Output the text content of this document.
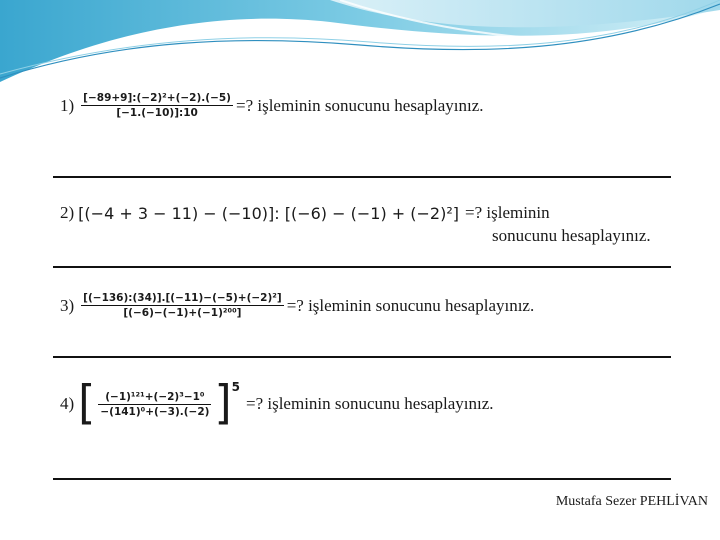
$1) \frac{\text{[−89+9]:(−2)²+(−2).(−5)}}{[-1.(-10)]:10}$ =? işleminin sonucunu hesaplayınız.
2) [(−4 + 3 − 11) − (−10)]: [(−6) − (−1) + (−2)²] =? işleminin
sonucunu hesaplayınız.
$3) \frac{\text{[(−136):(34)].[(−11)−(−5)+(−2)²]}}{\text{[(−6)−(−1)+(−1)²⁰⁰]}}$ =? işleminin sonucunu hesaplayınız.
4) [ $\frac{\text{(−1)¹²¹+(−2)³−1⁰}}{\text{−(141)⁰+(−3).(−2)}}$ ] 5
=? işleminin sonucunu hesaplayınız.
Mustafa Sezer PEHLİVAN
